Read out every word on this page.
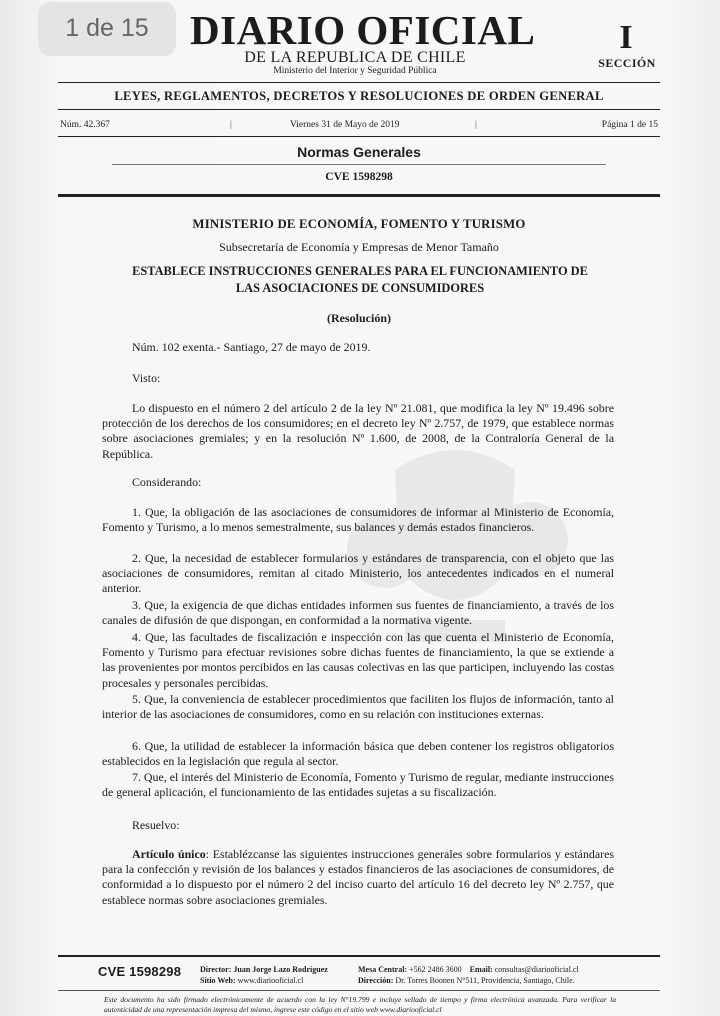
1 de 15	DIARIO OFICIAL
DE LA REPUBLICA DE CHILE
Ministerio del Interior y Seguridad Pública
I
SECCIÓN
LEYES, REGLAMENTOS, DECRETOS Y RESOLUCIONES DE ORDEN GENERAL
Núm. 42.367	|	Viernes 31 de Mayo de 2019	|	Página 1 de 15
Normas Generales
CVE 1598298
MINISTERIO DE ECONOMÍA, FOMENTO Y TURISMO
Subsecretaría de Economía y Empresas de Menor Tamaño
ESTABLECE INSTRUCCIONES GENERALES PARA EL FUNCIONAMIENTO DE
LAS ASOCIACIONES DE CONSUMIDORES
(Resolución)
Núm. 102 exenta.- Santiago, 27 de mayo de 2019.
Visto:
Lo dispuesto en el número 2 del artículo 2 de la ley Nº 21.081, que modifica la ley Nº 19.496 sobre protección de los derechos de los consumidores; en el decreto ley Nº 2.757, de 1979, que establece normas sobre asociaciones gremiales; y en la resolución Nº 1.600, de 2008, de la Contraloría General de la República.
Considerando:
1. Que, la obligación de las asociaciones de consumidores de informar al Ministerio de Economía, Fomento y Turismo, a lo menos semestralmente, sus balances y demás estados financieros.
2. Que, la necesidad de establecer formularios y estándares de transparencia, con el objeto que las asociaciones de consumidores, remitan al citado Ministerio, los antecedentes indicados en el numeral anterior.
3. Que, la exigencia de que dichas entidades informen sus fuentes de financiamiento, a través de los canales de difusión de que dispongan, en conformidad a la normativa vigente.
4. Que, las facultades de fiscalización e inspección con las que cuenta el Ministerio de Economía, Fomento y Turismo para efectuar revisiones sobre dichas fuentes de financiamiento, la que se extiende a las provenientes por montos percibidos en las causas colectivas en las que participen, incluyendo las costas procesales y personales percibidas.
5. Que, la conveniencia de establecer procedimientos que faciliten los flujos de información, tanto al interior de las asociaciones de consumidores, como en su relación con instituciones externas.
6. Que, la utilidad de establecer la información básica que deben contener los registros obligatorios establecidos en la legislación que regula al sector.
7. Que, el interés del Ministerio de Economía, Fomento y Turismo de regular, mediante instrucciones de general aplicación, el funcionamiento de las entidades sujetas a su fiscalización.
Resuelvo:
Artículo único: Establézcanse las siguientes instrucciones generales sobre formularios y estándares para la confección y revisión de los balances y estados financieros de las asociaciones de consumidores, de conformidad a lo dispuesto por el número 2 del inciso cuarto del artículo 16 del decreto ley Nº 2.757, que establece normas sobre asociaciones gremiales.
CVE 1598298	Director: Juan Jorge Lazo Rodríguez
Sitio Web: www.diariooficial.cl
Mesa Central: +562 2486 3600 Email: consultas@diariooficial.cl
Dirección: Dr. Torres Boonen N°511, Providencia, Santiago, Chile.
Este documento ha sido firmado electrónicamente de acuerdo con la ley N°19.799 e incluye sellado de tiempo y firma electrónica avanzada. Para verificar la autenticidad de una representación impresa del mismo, ingrese este código en el sitio web www.diariooficial.cl
